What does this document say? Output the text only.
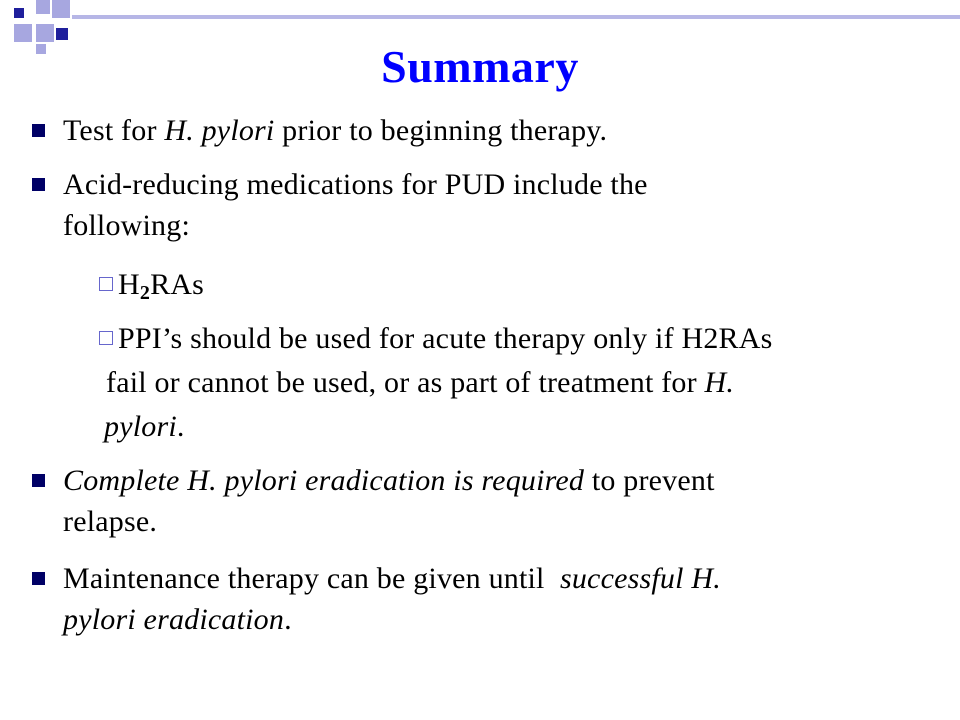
Summary
Test for H. pylori prior to beginning therapy.
Acid-reducing medications for PUD include the
following:
$H_2RAs$
PPI’s should be used for acute therapy only if H2RAs
fail or cannot be used, or as part of treatment for H.
pylori.
Complete H. pylori eradication is required to prevent
relapse.
Maintenance therapy can be given until  successful H.
pylori eradication.
